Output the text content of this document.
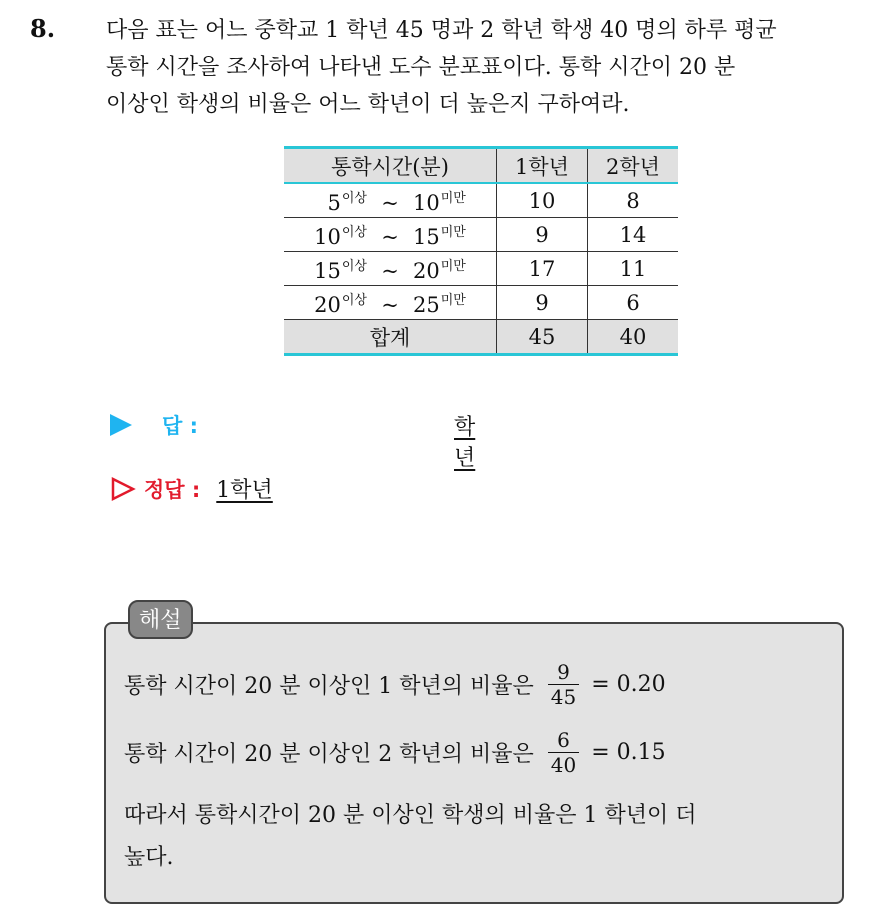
8. 다음 표는 어느 중학교 1 학년 45 명과 2 학년 학생 40 명의 하루 평균
통학 시간을 조사하여 나타낸 도수 분포표이다. 통학 시간이 20 분
이상인 학생의 비율은 어느 학년이 더 높은지 구하여라.
통학시간(분)	1학년	2학년

$5^{이상}$ ~ $10^{미만}$	10	8

$10^{이상}$ ~ $15^{미만}$	9	14

$15^{이상}$ ~ $20^{미만}$	17	11

$20^{이상}$ ~ $25^{미만}$	9	6
합계	45	40
답 :	학년
정답 : 1학년
해설
통학 시간이 20 분 이상인 1 학년의 비율은 $\frac{9}{45} = 0.20$
통학 시간이 20 분 이상인 2 학년의 비율은 $\frac{6}{40} = 0.15$
따라서 통학시간이 20 분 이상인 학생의 비율은 1 학년이 더
높다.
